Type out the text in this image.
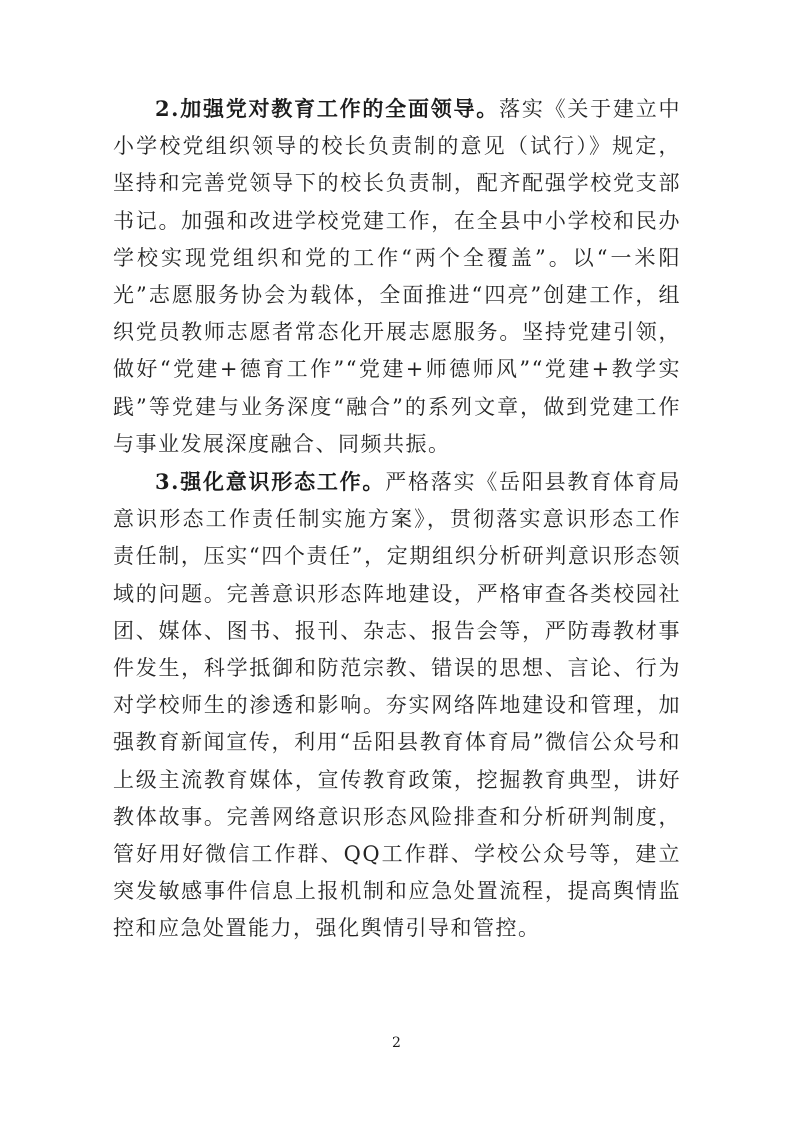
2.加强党对教育工作的全面领导。落实《关于建立中小学校党组织领导的校长负责制的意见（试行）》规定，坚持和完善党领导下的校长负责制，配齐配强学校党支部书记。加强和改进学校党建工作，在全县中小学校和民办学校实现党组织和党的工作“两个全覆盖”。以“一米阳光”志愿服务协会为载体，全面推进“四亮”创建工作，组织党员教师志愿者常态化开展志愿服务。坚持党建引领，做好“党建+德育工作”“党建+师德师风”“党建+教学实践”等党建与业务深度“融合”的系列文章，做到党建工作与事业发展深度融合、同频共振。

3.强化意识形态工作。严格落实《岳阳县教育体育局意识形态工作责任制实施方案》，贯彻落实意识形态工作责任制，压实“四个责任”，定期组织分析研判意识形态领域的问题。完善意识形态阵地建设，严格审查各类校园社团、媒体、图书、报刊、杂志、报告会等，严防毒教材事件发生，科学抵御和防范宗教、错误的思想、言论、行为对学校师生的渗透和影响。夯实网络阵地建设和管理，加强教育新闻宣传，利用“岳阳县教育体育局”微信公众号和上级主流教育媒体，宣传教育政策，挖掘教育典型，讲好教体故事。完善网络意识形态风险排查和分析研判制度，管好用好微信工作群、QQ工作群、学校公众号等，建立突发敏感事件信息上报机制和应急处置流程，提高舆情监控和应急处置能力，强化舆情引导和管控。

2
